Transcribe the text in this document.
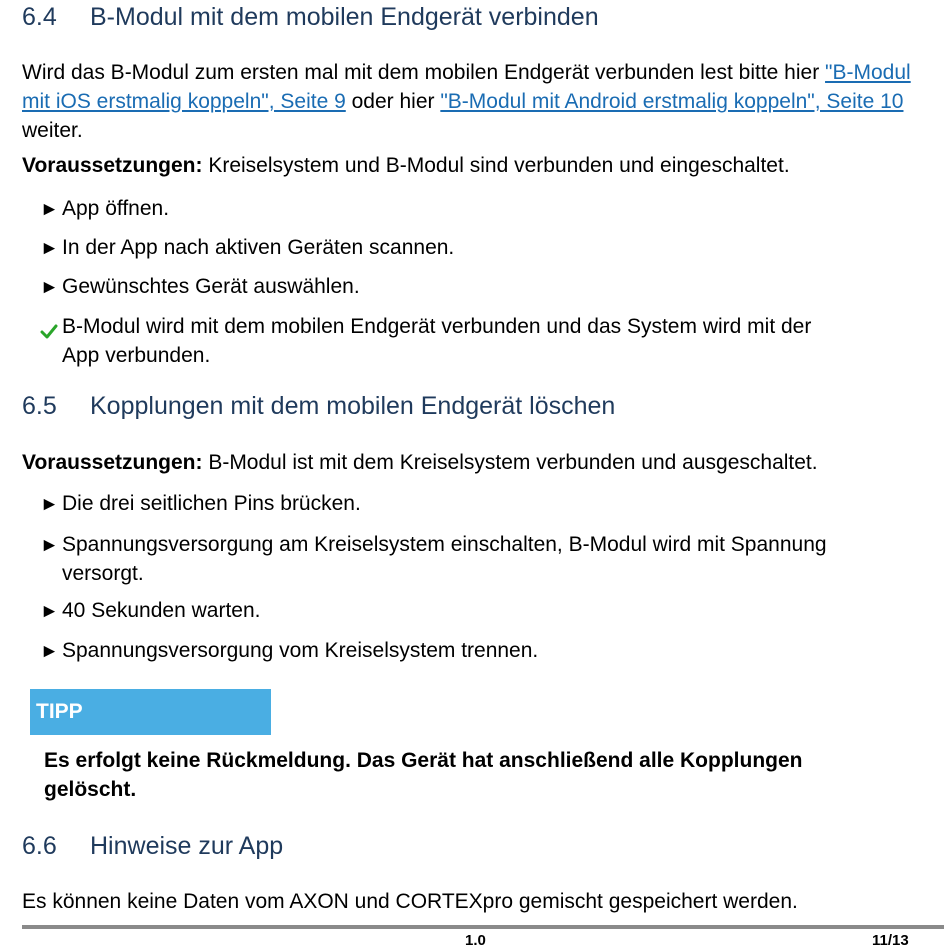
6.4 B-Modul mit dem mobilen Endgerät verbinden
Wird das B-Modul zum ersten mal mit dem mobilen Endgerät verbunden lest bitte hier "B-Modul mit iOS erstmalig koppeln", Seite 9 oder hier "B-Modul mit Android erstmalig koppeln", Seite 10 weiter.
Voraussetzungen: Kreiselsystem und B-Modul sind verbunden und eingeschaltet.
► App öffnen.
► In der App nach aktiven Geräten scannen.
► Gewünschtes Gerät auswählen.
B-Modul wird mit dem mobilen Endgerät verbunden und das System wird mit der
App verbunden.
6.5 Kopplungen mit dem mobilen Endgerät löschen
Voraussetzungen: B-Modul ist mit dem Kreiselsystem verbunden und ausgeschaltet.
► Die drei seitlichen Pins brücken.
► Spannungsversorgung am Kreiselsystem einschalten, B-Modul wird mit Spannung
versorgt.
► 40 Sekunden warten.
► Spannungsversorgung vom Kreiselsystem trennen.
TIPP
Es erfolgt keine Rückmeldung. Das Gerät hat anschließend alle Kopplungen
gelöscht.
6.6 Hinweise zur App
Es können keine Daten vom AXON und CORTEXpro gemischt gespeichert werden.
1.0	11/13
